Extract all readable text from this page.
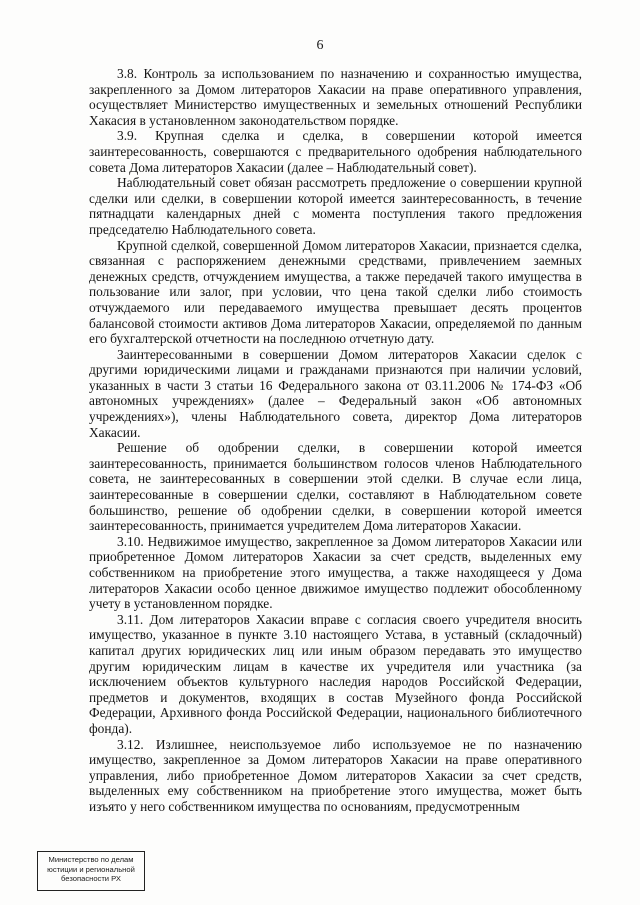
6

3.8. Контроль за использованием по назначению и сохранностью имущества, закрепленного за Домом литераторов Хакасии на праве оперативного управления, осуществляет Министерство имущественных и земельных отношений Республики Хакасия в установленном законодательством порядке.

3.9. Крупная сделка и сделка, в совершении которой имеется заинтересованность, совершаются с предварительного одобрения наблюдательного совета Дома литераторов Хакасии (далее – Наблюдательный совет).

Наблюдательный совет обязан рассмотреть предложение о совершении крупной сделки или сделки, в совершении которой имеется заинтересованность, в течение пятнадцати календарных дней с момента поступления такого предложения председателю Наблюдательного совета.

Крупной сделкой, совершенной Домом литераторов Хакасии, признается сделка, связанная с распоряжением денежными средствами, привлечением заемных денежных средств, отчуждением имущества, а также передачей такого имущества в пользование или залог, при условии, что цена такой сделки либо стоимость отчуждаемого или передаваемого имущества превышает десять процентов балансовой стоимости активов Дома литераторов Хакасии, определяемой по данным его бухгалтерской отчетности на последнюю отчетную дату.

Заинтересованными в совершении Домом литераторов Хакасии сделок с другими юридическими лицами и гражданами признаются при наличии условий, указанных в части 3 статьи 16 Федерального закона от 03.11.2006 № 174-ФЗ «Об автономных учреждениях» (далее – Федеральный закон «Об автономных учреждениях»), члены Наблюдательного совета, директор Дома литераторов Хакасии.

Решение об одобрении сделки, в совершении которой имеется заинтересованность, принимается большинством голосов членов Наблюдательного совета, не заинтересованных в совершении этой сделки. В случае если лица, заинтересованные в совершении сделки, составляют в Наблюдательном совете большинство, решение об одобрении сделки, в совершении которой имеется заинтересованность, принимается учредителем Дома литераторов Хакасии.

3.10. Недвижимое имущество, закрепленное за Домом литераторов Хакасии или приобретенное Домом литераторов Хакасии за счет средств, выделенных ему собственником на приобретение этого имущества, а также находящееся у Дома литераторов Хакасии особо ценное движимое имущество подлежит обособленному учету в установленном порядке.

3.11. Дом литераторов Хакасии вправе с согласия своего учредителя вносить имущество, указанное в пункте 3.10 настоящего Устава, в уставный (складочный) капитал других юридических лиц или иным образом передавать это имущество другим юридическим лицам в качестве их учредителя или участника (за исключением объектов культурного наследия народов Российской Федерации, предметов и документов, входящих в состав Музейного фонда Российской Федерации, Архивного фонда Российской Федерации, национального библиотечного фонда).

3.12. Излишнее, неиспользуемое либо используемое не по назначению имущество, закрепленное за Домом литераторов Хакасии на праве оперативного управления, либо приобретенное Домом литераторов Хакасии за счет средств, выделенных ему собственником на приобретение этого имущества, может быть изъято у него собственником имущества по основаниям, предусмотренным

Министерство по делам
юстиции и региональной
безопасности РХ
